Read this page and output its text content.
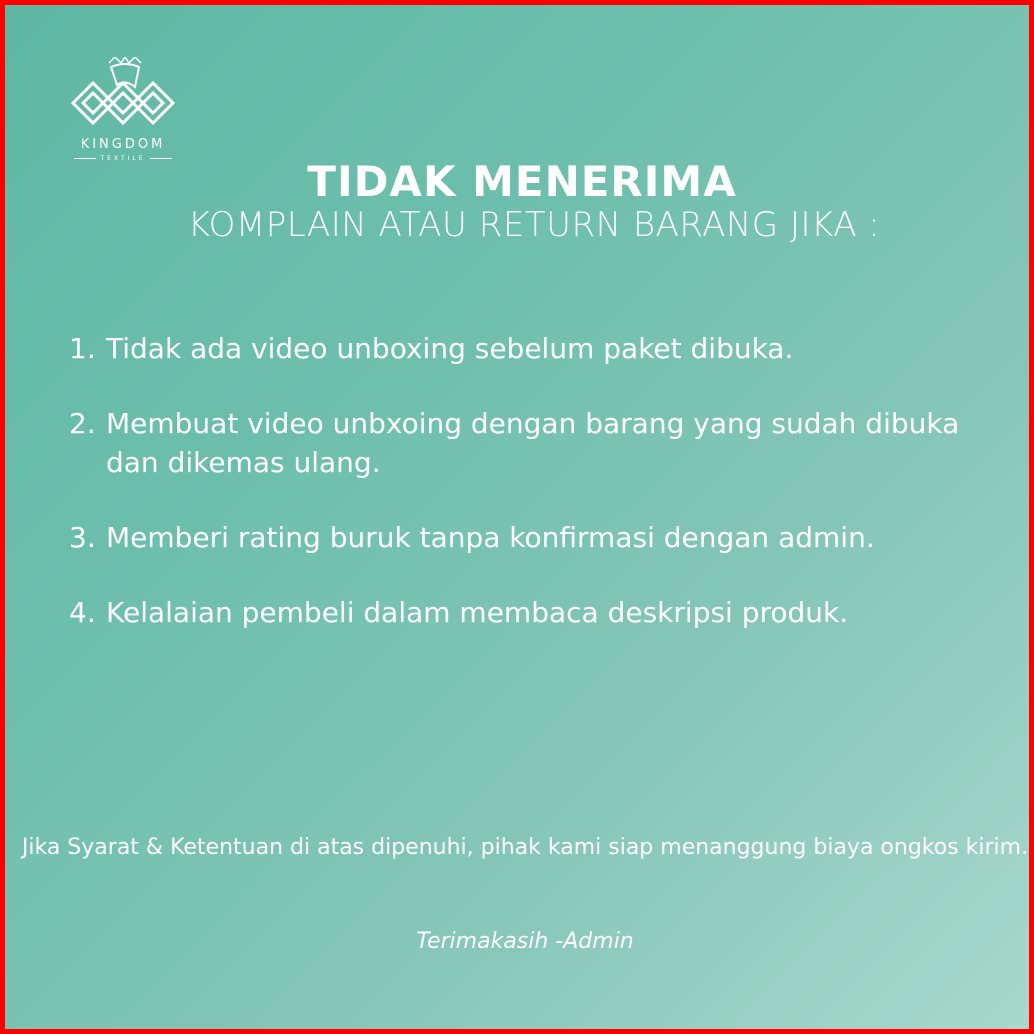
KINGDOM
TEXTILE	TIDAK MENERIMA
KOMPLAIN ATAU RETURN BARANG JIKA :
1. Tidak ada video unboxing sebelum paket dibuka.
2. Membuat video unbxoing dengan barang yang sudah dibuka dan dikemas ulang.
3. Memberi rating buruk tanpa konfirmasi dengan admin.
4. Kelalaian pembeli dalam membaca deskripsi produk.
Jika Syarat & Ketentuan di atas dipenuhi, pihak kami siap menanggung biaya ongkos kirim.
Terimakasih -Admin
